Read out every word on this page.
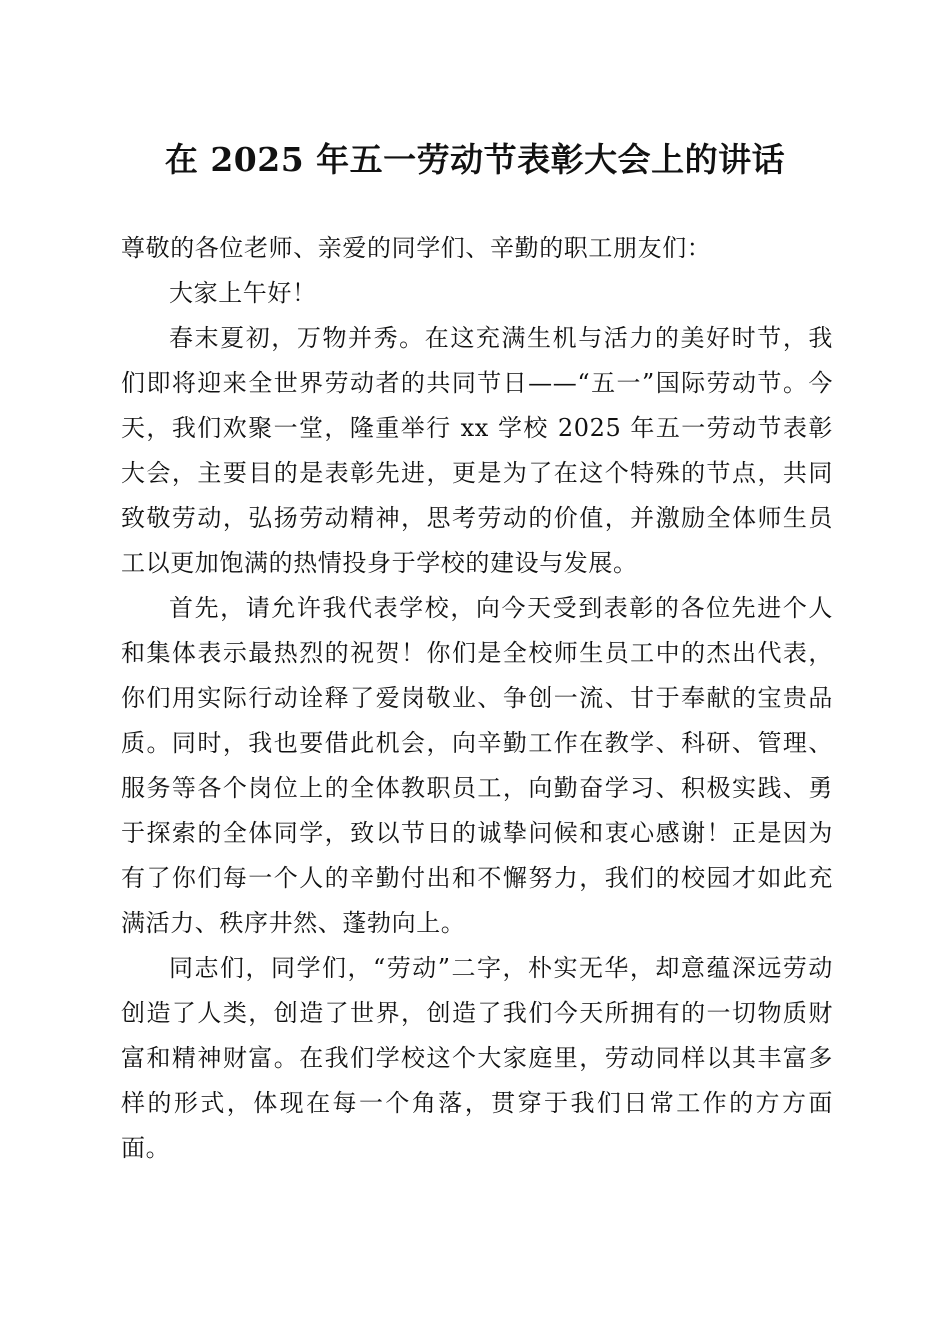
在 2025 年五一劳动节表彰大会上的讲话

尊敬的各位老师、亲爱的同学们、辛勤的职工朋友们：

大家上午好！

春末夏初，万物并秀。在这充满生机与活力的美好时节，我们即将迎来全世界劳动者的共同节日——“五一”国际劳动节。今天，我们欢聚一堂，隆重举行 xx 学校 2025 年五一劳动节表彰大会，主要目的是表彰先进，更是为了在这个特殊的节点，共同致敬劳动，弘扬劳动精神，思考劳动的价值，并激励全体师生员工以更加饱满的热情投身于学校的建设与发展。

首先，请允许我代表学校，向今天受到表彰的各位先进个人和集体表示最热烈的祝贺！你们是全校师生员工中的杰出代表，你们用实际行动诠释了爱岗敬业、争创一流、甘于奉献的宝贵品质。同时，我也要借此机会，向辛勤工作在教学、科研、管理、服务等各个岗位上的全体教职员工，向勤奋学习、积极实践、勇于探索的全体同学，致以节日的诚挚问候和衷心感谢！正是因为有了你们每一个人的辛勤付出和不懈努力，我们的校园才如此充满活力、秩序井然、蓬勃向上。

同志们，同学们，“劳动”二字，朴实无华，却意蕴深远劳动创造了人类，创造了世界，创造了我们今天所拥有的一切物质财富和精神财富。在我们学校这个大家庭里，劳动同样以其丰富多样的形式，体现在每一个角落，贯穿于我们日常工作的方方面面。
